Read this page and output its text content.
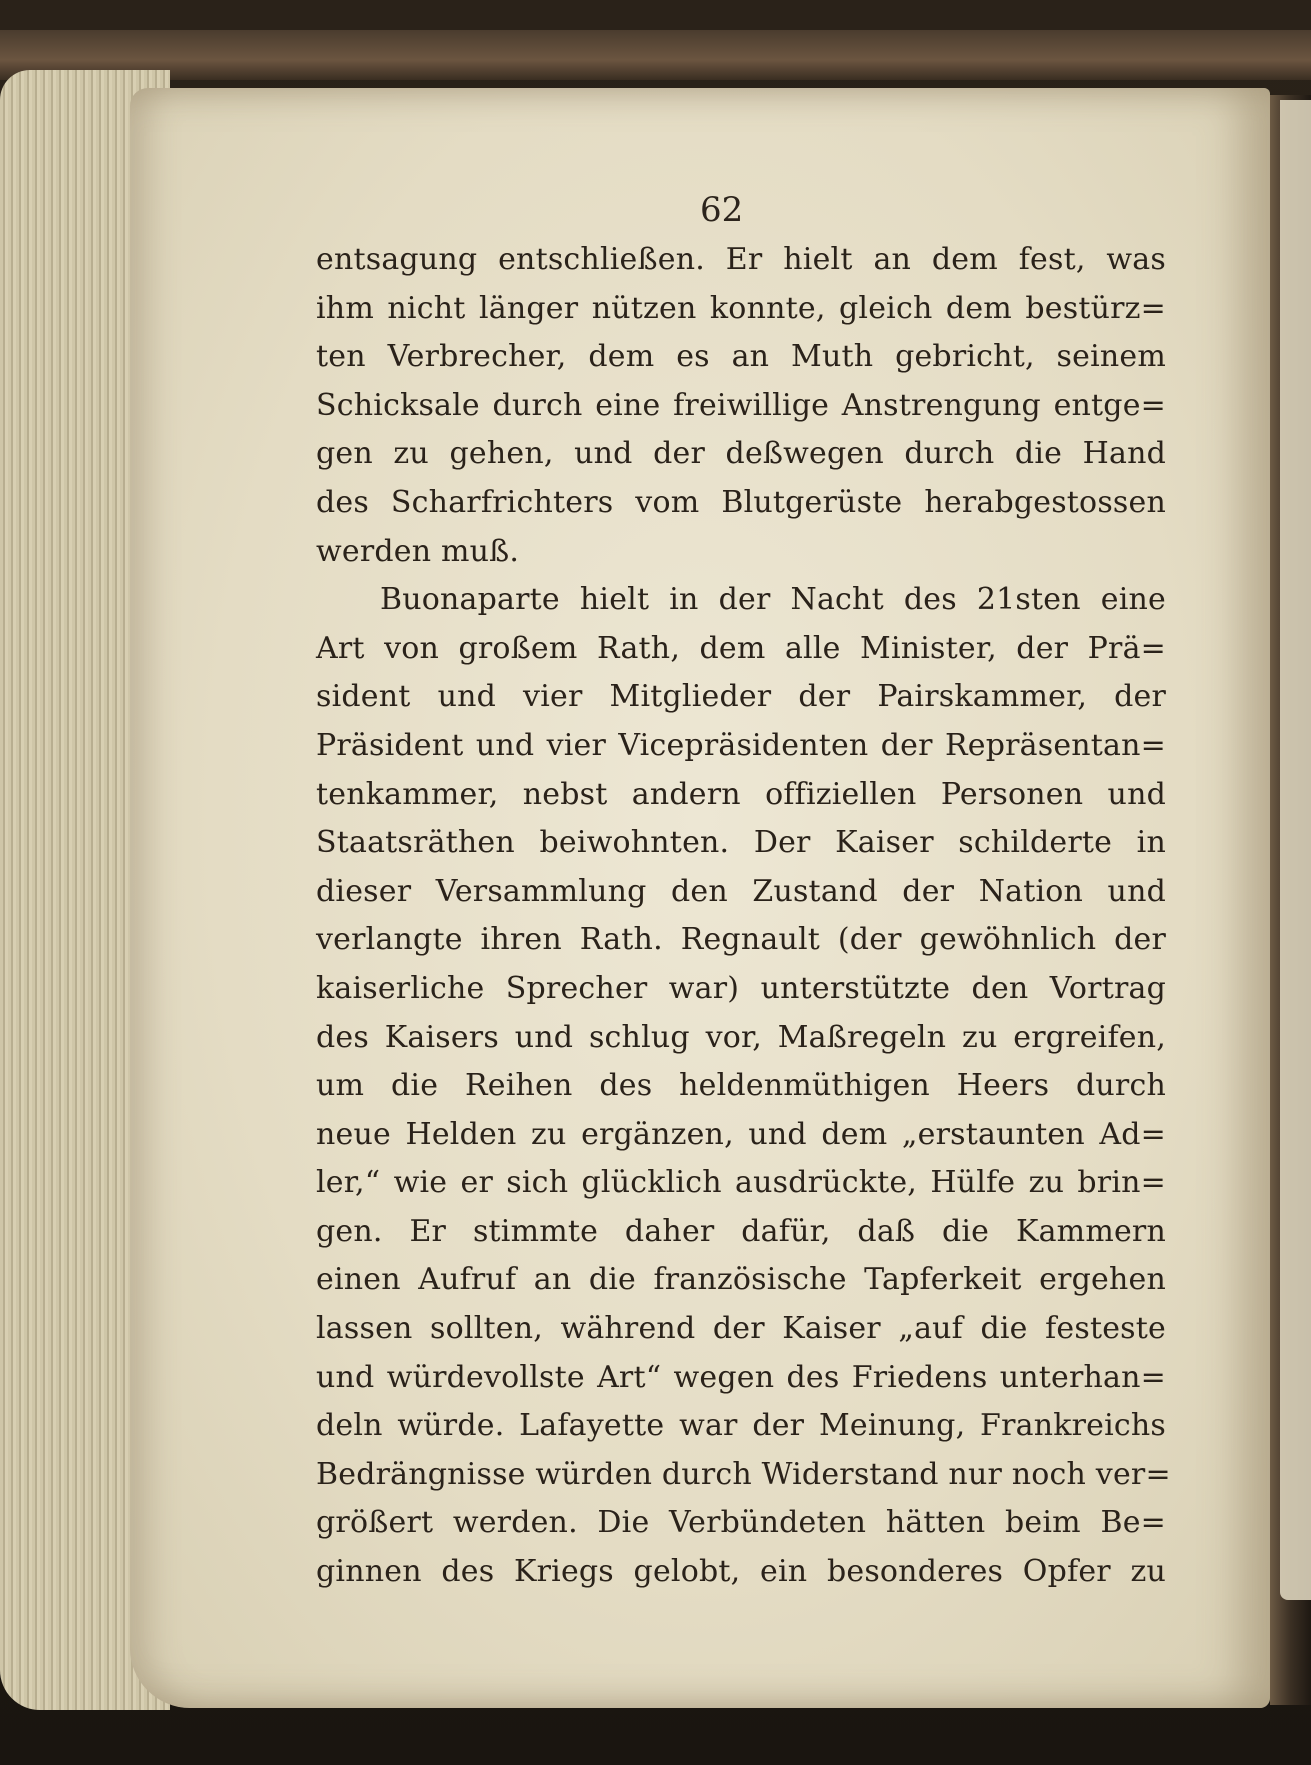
62
entsagung entschließen. Er hielt an dem fest, was
ihm nicht länger nützen konnte, gleich dem bestürz=
ten Verbrecher, dem es an Muth gebricht, seinem
Schicksale durch eine freiwillige Anstrengung entge=
gen zu gehen, und der deßwegen durch die Hand
des Scharfrichters vom Blutgerüste herabgestossen
werden muß.
Buonaparte hielt in der Nacht des 21sten eine
Art von großem Rath, dem alle Minister, der Prä=
sident und vier Mitglieder der Pairskammer, der
Präsident und vier Vicepräsidenten der Repräsentan=
tenkammer, nebst andern offiziellen Personen und
Staatsräthen beiwohnten. Der Kaiser schilderte in
dieser Versammlung den Zustand der Nation und
verlangte ihren Rath. Regnault (der gewöhnlich der
kaiserliche Sprecher war) unterstützte den Vortrag
des Kaisers und schlug vor, Maßregeln zu ergreifen,
um die Reihen des heldenmüthigen Heers durch
neue Helden zu ergänzen, und dem „erstaunten Ad=
ler,“ wie er sich glücklich ausdrückte, Hülfe zu brin=
gen. Er stimmte daher dafür, daß die Kammern
einen Aufruf an die französische Tapferkeit ergehen
lassen sollten, während der Kaiser „auf die festeste
und würdevollste Art“ wegen des Friedens unterhan=
deln würde. Lafayette war der Meinung, Frankreichs
Bedrängnisse würden durch Widerstand nur noch ver=
größert werden. Die Verbündeten hätten beim Be=
ginnen des Kriegs gelobt, ein besonderes Opfer zu
